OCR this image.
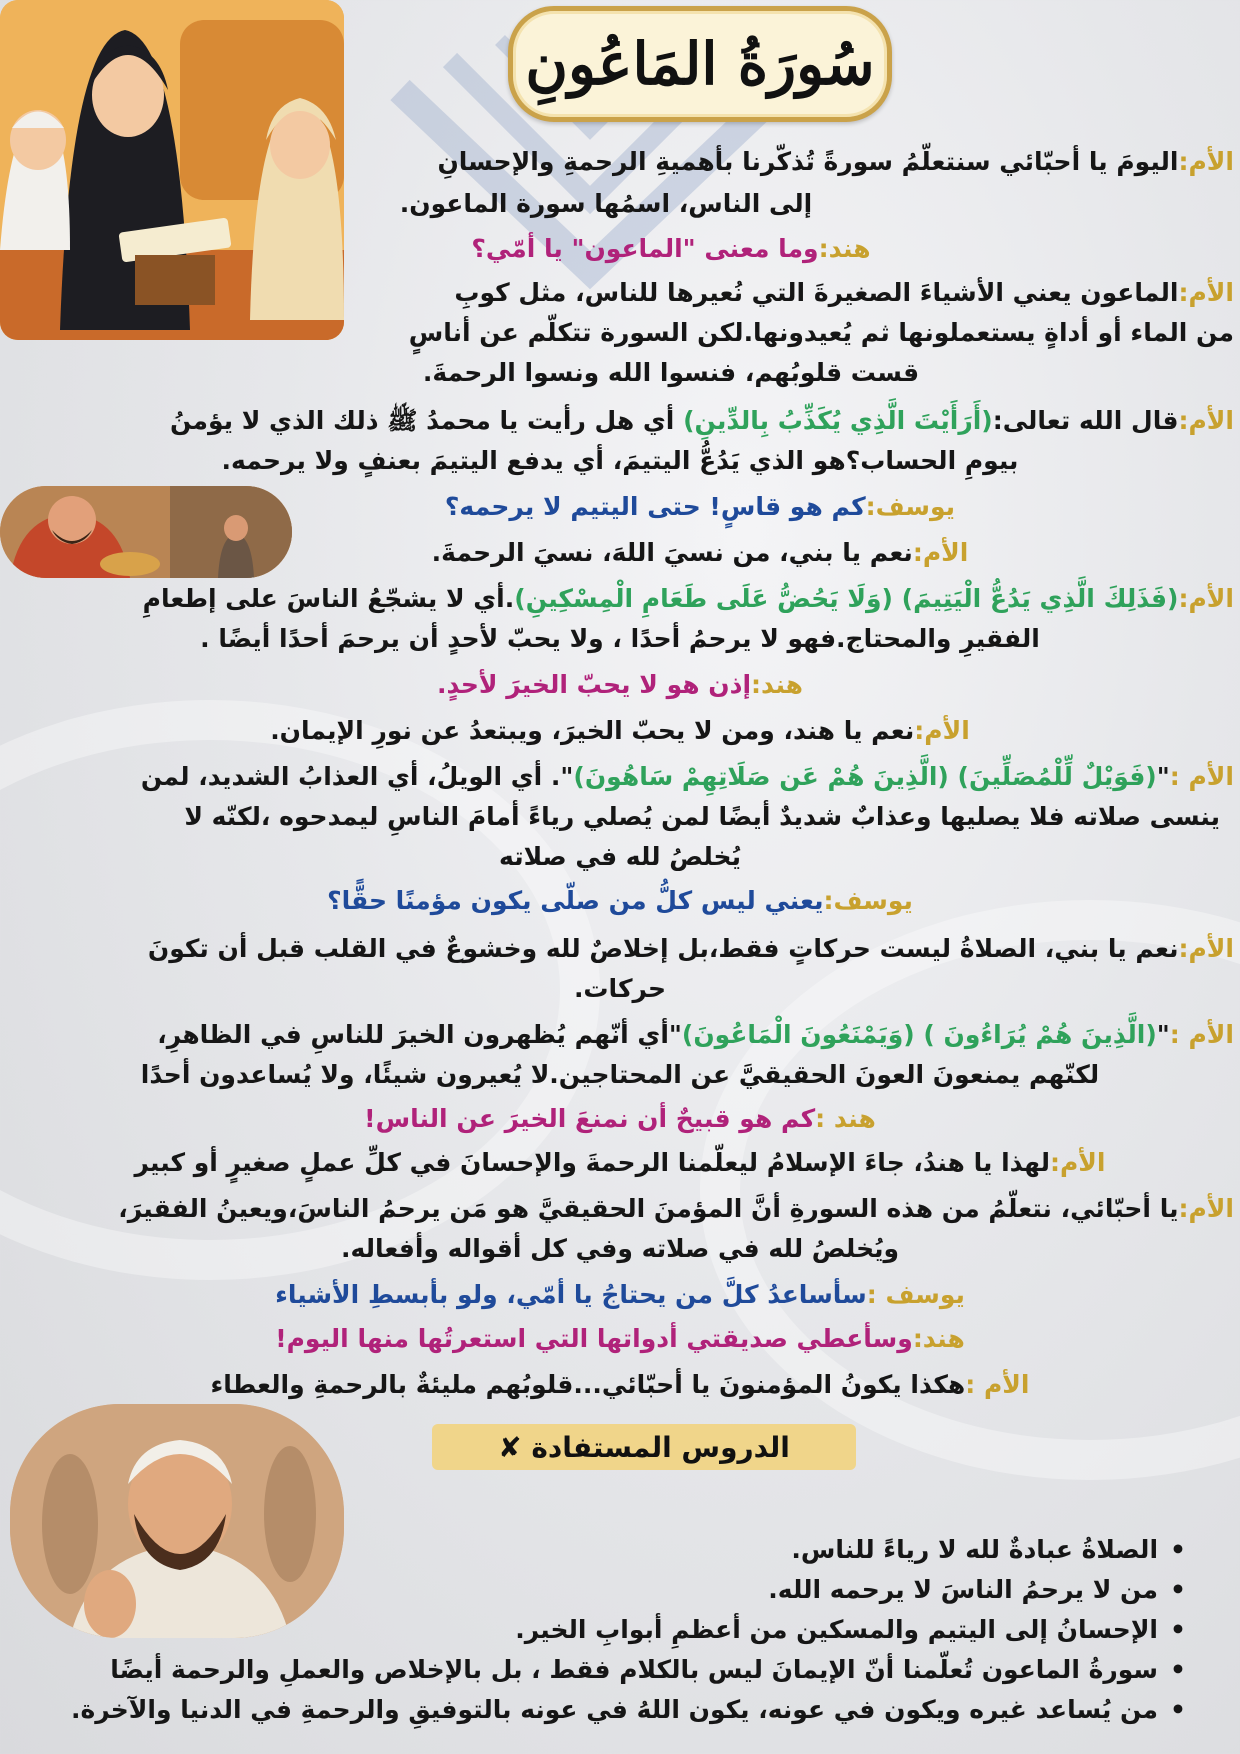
سُورَةُ المَاعُونِ
الأم:اليومَ يا أحبّائي سنتعلّمُ سورةً تُذكّرنا بأهميةِ الرحمةِ والإحسانِ
إلى الناس، اسمُها سورة الماعون.
هند:وما معنى "الماعون" يا أمّي؟
الأم:الماعون يعني الأشياءَ الصغيرةَ التي نُعيرها للناس، مثل كوبِ
من الماء أو أداةٍ يستعملونها ثم يُعيدونها.لكن السورة تتكلّم عن أناسٍ
قست قلوبُهم، فنسوا الله ونسوا الرحمةَ.
الأم:قال الله تعالى:(أَرَأَيْتَ الَّذِي يُكَذِّبُ بِالدِّينِ) أي هل رأيت يا محمدُ ﷺ ذلك الذي لا يؤمنُ
بيومِ الحساب؟هو الذي يَدُعُّ اليتيمَ، أي يدفع اليتيمَ بعنفٍ ولا يرحمه.
يوسف:كم هو قاسٍ! حتى اليتيم لا يرحمه؟
الأم:نعم يا بني، من نسيَ اللهَ، نسيَ الرحمةَ.
الأم:(فَذَلِكَ الَّذِي يَدُعُّ الْيَتِيمَ) (وَلَا يَحُضُّ عَلَى طَعَامِ الْمِسْكِينِ).أي لا يشجّعُ الناسَ على إطعامِ
الفقيرِ والمحتاج.فهو لا يرحمُ أحدًا ، ولا يحبّ لأحدٍ أن يرحمَ أحدًا أيضًا .
هند:إذن هو لا يحبّ الخيرَ لأحدٍ.
الأم:نعم يا هند، ومن لا يحبّ الخيرَ، ويبتعدُ عن نورِ الإيمان.
الأم :"(فَوَيْلٌ لِّلْمُصَلِّينَ) (الَّذِينَ هُمْ عَن صَلَاتِهِمْ سَاهُونَ)". أي الويلُ، أي العذابُ الشديد، لمن
ينسى صلاته فلا يصليها وعذابٌ شديدٌ أيضًا لمن يُصلي رياءً أمامَ الناسِ ليمدحوه ،لكنّه لا
يُخلصُ لله في صلاته
يوسف:يعني ليس كلُّ من صلّى يكون مؤمنًا حقًّا؟
الأم:نعم يا بني، الصلاةُ ليست حركاتٍ فقط،بل إخلاصٌ لله وخشوعٌ في القلب قبل أن تكونَ
حركات.
الأم :"(الَّذِينَ هُمْ يُرَاءُونَ ) (وَيَمْنَعُونَ الْمَاعُونَ)"أي أنّهم يُظهرون الخيرَ للناسِ في الظاهرِ،
لكنّهم يمنعونَ العونَ الحقيقيَّ عن المحتاجين.لا يُعيرون شيئًا، ولا يُساعدون أحدًا
هند :كم هو قبيحٌ أن نمنعَ الخيرَ عن الناس!
الأم:لهذا يا هندُ، جاءَ الإسلامُ ليعلّمنا الرحمةَ والإحسانَ في كلِّ عملٍ صغيرٍ أو كبير
الأم:يا أحبّائي، نتعلّمُ من هذه السورةِ أنَّ المؤمنَ الحقيقيَّ هو مَن يرحمُ الناسَ،ويعينُ الفقيرَ،
ويُخلصُ لله في صلاته وفي كل أقواله وأفعاله.
يوسف :سأساعدُ كلَّ من يحتاجُ يا أمّي، ولو بأبسطِ الأشياء
هند:وسأعطي صديقتي أدواتها التي استعرتُها منها اليوم!
الأم :هكذا يكونُ المؤمنونَ يا أحبّائي...قلوبُهم مليئةٌ بالرحمةِ والعطاء
الدروس المستفادة ✘
•الصلاةُ عبادةٌ لله لا رياءً للناس.
•من لا يرحمُ الناسَ لا يرحمه الله.
•الإحسانُ إلى اليتيم والمسكين من أعظمِ أبوابِ الخير.
•سورةُ الماعون تُعلّمنا أنّ الإيمانَ ليس بالكلام فقط ، بل بالإخلاص والعملِ والرحمة أيضًا
•من يُساعد غيره ويكون في عونه، يكون اللهُ في عونه بالتوفيقِ والرحمةِ في الدنيا والآخرة.
